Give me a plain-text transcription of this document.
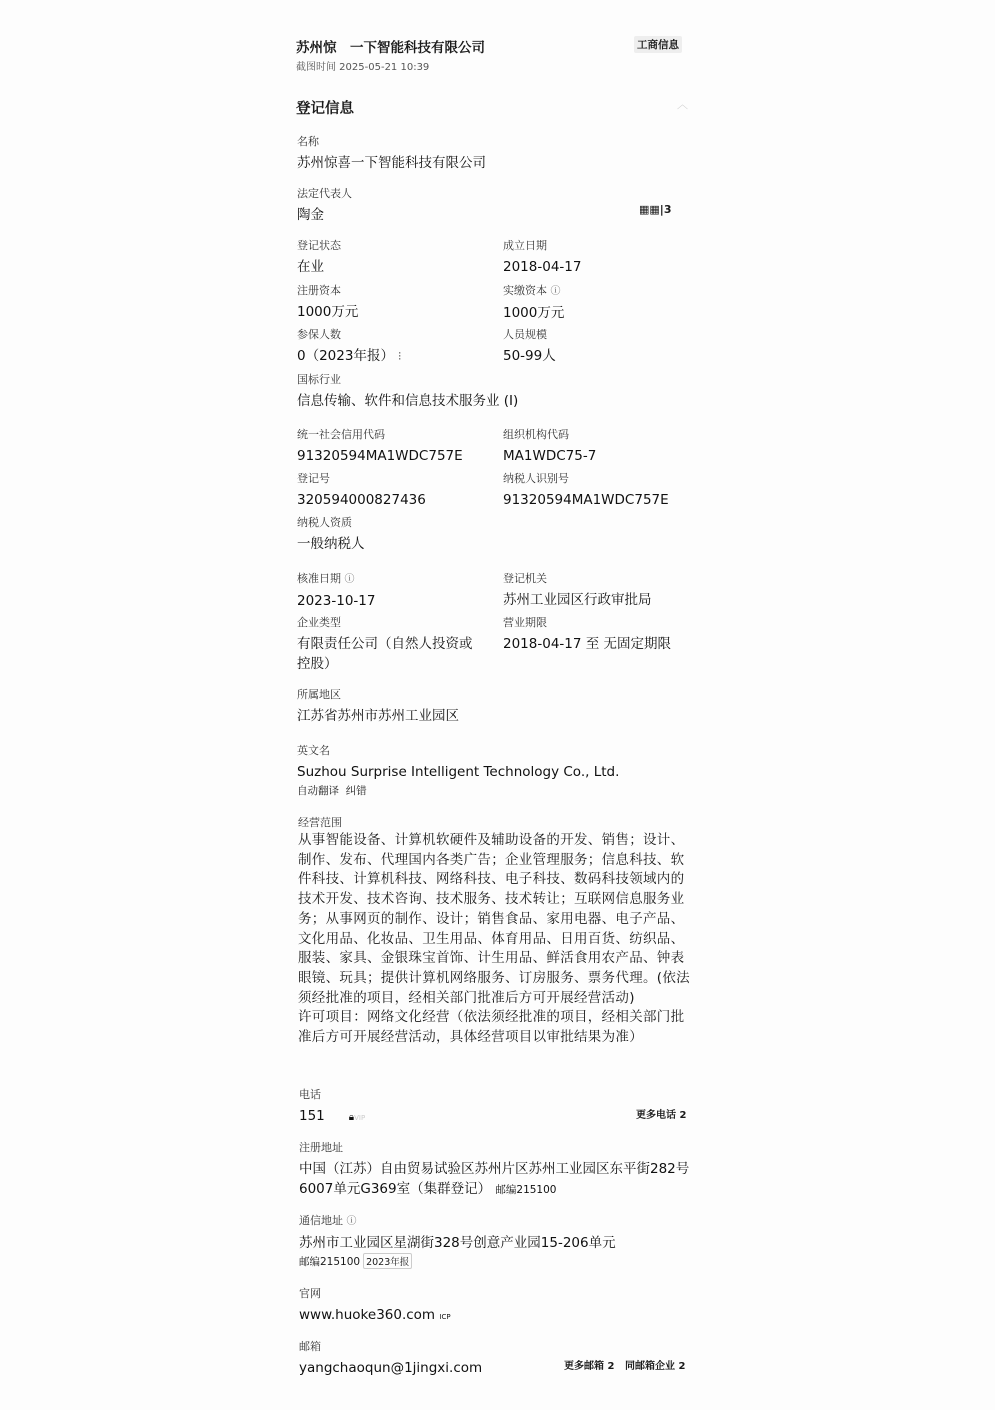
苏州惊　一下智能科技有限公司
截图时间 2025-05-21 10:39
工商信息
登记信息	︿
名称
苏州惊喜一下智能科技有限公司
法定代表人
陶金	▦▦|3
登记状态
在业
成立日期
2018-04-17
注册资本
1000万元
实缴资本 ⓘ
1000万元
参保人数
0（2023年报） ⫶
人员规模
50-99人
国标行业
信息传输、软件和信息技术服务业 (I)
统一社会信用代码
91320594MA1WDC757E
组织机构代码
MA1WDC75-7
登记号
320594000827436
纳税人识别号
91320594MA1WDC757E
纳税人资质
一般纳税人
核准日期 ⓘ
2023-10-17
登记机关
苏州工业园区行政审批局
企业类型
有限责任公司（自然人投资或控股）
营业期限
2018-04-17 至 无固定期限
所属地区
江苏省苏州市苏州工业园区
英文名
Suzhou Surprise Intelligent Technology Co., Ltd.
自动翻译 纠错
经营范围
从事智能设备、计算机软硬件及辅助设备的开发、销售；设计、制作、发布、代理国内各类广告；企业管理服务；信息科技、软件科技、计算机科技、网络科技、电子科技、数码科技领域内的技术开发、技术咨询、技术服务、技术转让；互联网信息服务业务；从事网页的制作、设计；销售食品、家用电器、电子产品、文化用品、化妆品、卫生用品、体育用品、日用百货、纺织品、服装、家具、金银珠宝首饰、计生用品、鲜活食用农产品、钟表眼镜、玩具；提供计算机网络服务、订房服务、票务代理。(依法须经批准的项目，经相关部门批准后方可开展经营活动)
许可项目：网络文化经营（依法须经批准的项目，经相关部门批准后方可开展经营活动，具体经营项目以审批结果为准）
电话
151 🔒︎VIP	更多电话 2
注册地址
中国（江苏）自由贸易试验区苏州片区苏州工业园区东平街282号6007单元G369室（集群登记） 邮编215100
通信地址 ⓘ
苏州市工业园区星湖街328号创意产业园15-206单元
邮编215100 2023年报
官网
www.huoke360.com ICP
邮箱
yangchaoqun@1jingxi.com	更多邮箱 2 同邮箱企业 2
